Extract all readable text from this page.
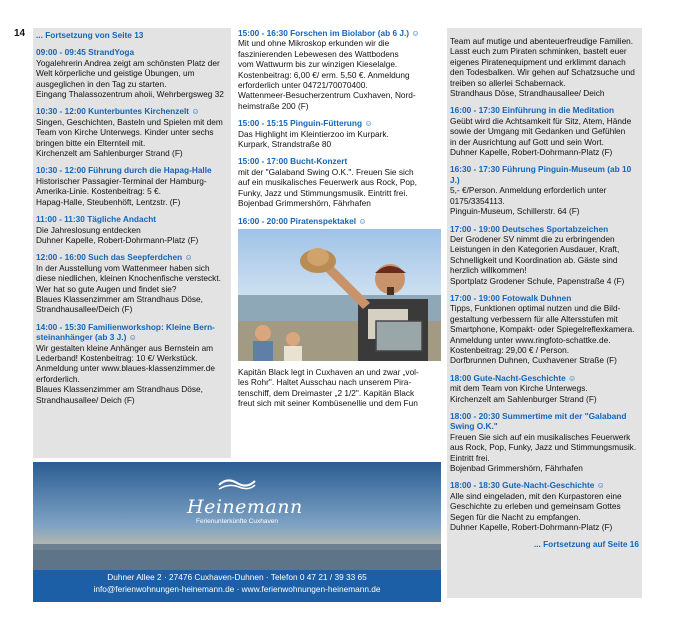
14 ... Fortsetzung von Seite 13
09:00 - 09:45 StrandYoga
Yogalehrerin Andrea zeigt am schönsten Platz der
Welt körperliche und geistige Übungen, um
ausgeglichen in den Tag zu starten.
Eingang Thalassozentrum ahoii, Wehrbergsweg 32
10:30 - 12:00 Kunterbuntes Kirchenzelt ☺
Singen, Geschichten, Basteln und Spielen mit dem
Team von Kirche Unterwegs. Kinder unter sechs
bringen bitte ein Elternteil mit.
Kirchenzelt am Sahlenburger Strand (F)
10:30 - 12:00 Führung durch die Hapag-Halle
Historischer Passagier-Terminal der Hamburg-
Amerika-Linie. Kostenbeitrag: 5 €.
Hapag-Halle, Steubenhöft, Lentzstr. (F)
11:00 - 11:30 Tägliche Andacht
Die Jahreslosung entdecken
Duhner Kapelle, Robert-Dohrmann-Platz (F)
12:00 - 16:00 Such das Seepferdchen ☺
In der Ausstellung vom Wattenmeer haben sich
diese niedlichen, kleinen Knochenfische versteckt.
Wer hat so gute Augen und findet sie?
Blaues Klassenzimmer am Strandhaus Döse,
Strandhausallee/Deich (F)
14:00 - 15:30 Familienworkshop: Kleine Bern-
steinanhänger (ab 3 J.) ☺
Wir gestalten kleine Anhänger aus Bernstein am
Lederband! Kostenbeitrag: 10 €/ Werkstück.
Anmeldung unter www.blaues-klassenzimmer.de
erforderlich.
Blaues Klassenzimmer am Strandhaus Döse,
Strandhausallee/ Deich (F)
15:00 - 16:30 Forschen im Biolabor (ab 6 J.) ☺
Mit und ohne Mikroskop erkunden wir die
faszinierenden Lebewesen des Wattbodens
vom Wattwurm bis zur winzigen Kieselalge.
Kostenbeitrag: 6,00 €/ erm. 5,50 €. Anmeldung
erforderlich unter 04721/70070400.
Wattenmeer-Besucherzentrum Cuxhaven, Nord-
heimstraße 200 (F)
15:00 - 15:15 Pinguin-Fütterung ☺
Das Highlight im Kleintierzoo im Kurpark.
Kurpark, Strandstraße 80
15:00 - 17:00 Bucht-Konzert
mit der "Galaband Swing O.K.". Freuen Sie sich
auf ein musikalisches Feuerwerk aus Rock, Pop,
Funky, Jazz und Stimmungsmusik. Eintritt frei.
Bojenbad Grimmershörn, Fährhafen
16:00 - 20:00 Piratenspektakel ☺
Kapitän Black legt in Cuxhaven an und zwar „vol-
les Rohr". Haltet Ausschau nach unserem Pira-
tenschiff, dem Dreimaster „2 1/2". Kapitän Black
freut sich mit seiner Kombüsenellie und dem Fun
Team auf mutige und abenteuerfreudige Familien.
Lasst euch zum Piraten schminken, bastelt euer
eigenes Piratenequipment und erklimmt danach
den Todesbalken. Wir gehen auf Schatzsuche und
treiben so allerlei Schabernack.
Strandhaus Döse, Strandhausallee/ Deich
16:00 - 17:30 Einführung in die Meditation
Geübt wird die Achtsamkeit für Sitz, Atem, Hände
sowie der Umgang mit Gedanken und Gefühlen
in der Ausrichtung auf Gott und sein Wort.
Duhner Kapelle, Robert-Dohrmann-Platz (F)
16:30 - 17:30 Führung Pinguin-Museum (ab 10 J.)
5,- €/Person. Anmeldung erforderlich unter
0175/3354113.
Pinguin-Museum, Schillerstr. 64 (F)
17:00 - 19:00 Deutsches Sportabzeichen
Der Grodener SV nimmt die zu erbringenden
Leistungen in den Kategorien Ausdauer, Kraft,
Schnelligkeit und Koordination ab. Gäste sind
herzlich willkommen!
Sportplatz Grodener Schule, Papenstraße 4 (F)
17:00 - 19:00 Fotowalk Duhnen
Tipps, Funktionen optimal nutzen und die Bild-
gestaltung verbessern für alle Altersstufen mit
Smartphone, Kompakt- oder Spiegelreflexkamera.
Anmeldung unter www.ringfoto-schattke.de.
Kostenbeitrag: 29,00 € / Person.
Dorfbrunnen Duhnen, Cuxhavener Straße (F)
18:00 Gute-Nacht-Geschichte ☺
mit dem Team von Kirche Unterwegs.
Kirchenzelt am Sahlenburger Strand (F)
18:00 - 20:30 Summertime mit der "Galaband
Swing O.K."
Freuen Sie sich auf ein musikalisches Feuerwerk
aus Rock, Pop, Funky, Jazz und Stimmungsmusik.
Eintritt frei.
Bojenbad Grimmershörn, Fährhafen
18:00 - 18:30 Gute-Nacht-Geschichte ☺
Alle sind eingeladen, mit den Kurpastoren eine
Geschichte zu erleben und gemeinsam Gottes
Segen für die Nacht zu empfangen.
Duhner Kapelle, Robert-Dohrmann-Platz (F)
... Fortsetzung auf Seite 16
Heinemann
Ferienunterkünfte Cuxhaven
Duhner Allee 2 · 27476 Cuxhaven-Duhnen · Telefon 0 47 21 / 39 33 65
info@ferienwohnungen-heinemann.de · www.ferienwohnungen-heinemann.de
